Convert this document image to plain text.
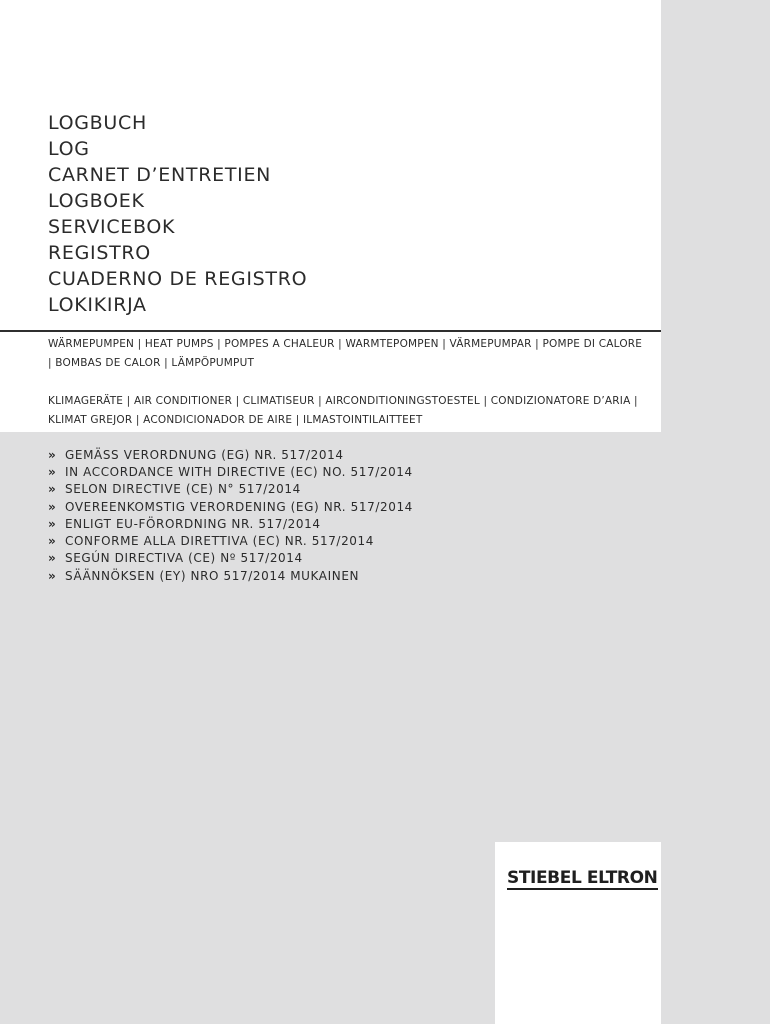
LOGBUCH
LOG
CARNET D’ENTRETIEN
LOGBOEK
SERVICEBOK
REGISTRO
CUADERNO DE REGISTRO
LOKIKIRJA
WÄRMEPUMPEN | HEAT PUMPS | POMPES A CHALEUR | WARMTEPOMPEN | VÄRMEPUMPAR | POMPE DI CALORE | BOMBAS DE CALOR | LÄMPÖPUMPUT
KLIMAGERÄTE | AIR CONDITIONER | CLIMATISEUR | AIRCONDITIONINGSTOESTEL | CONDIZIONATORE D’ARIA | KLIMAT GREJOR | ACONDICIONADOR DE AIRE | ILMASTOINTILAITTEET
» GEMÄSS VERORDNUNG (EG) NR. 517/2014
» IN ACCORDANCE WITH DIRECTIVE (EC) NO. 517/2014
» SELON DIRECTIVE (CE) N° 517/2014
» OVEREENKOMSTIG VERORDENING (EG) NR. 517/2014
» ENLIGT EU-FÖRORDNING NR. 517/2014
» CONFORME ALLA DIRETTIVA (EC) NR. 517/2014
» SEGÚN DIRECTIVA (CE) Nº 517/2014
» SÄÄNNÖKSEN (EY) NRO 517/2014 MUKAINEN
STIEBEL ELTRON
